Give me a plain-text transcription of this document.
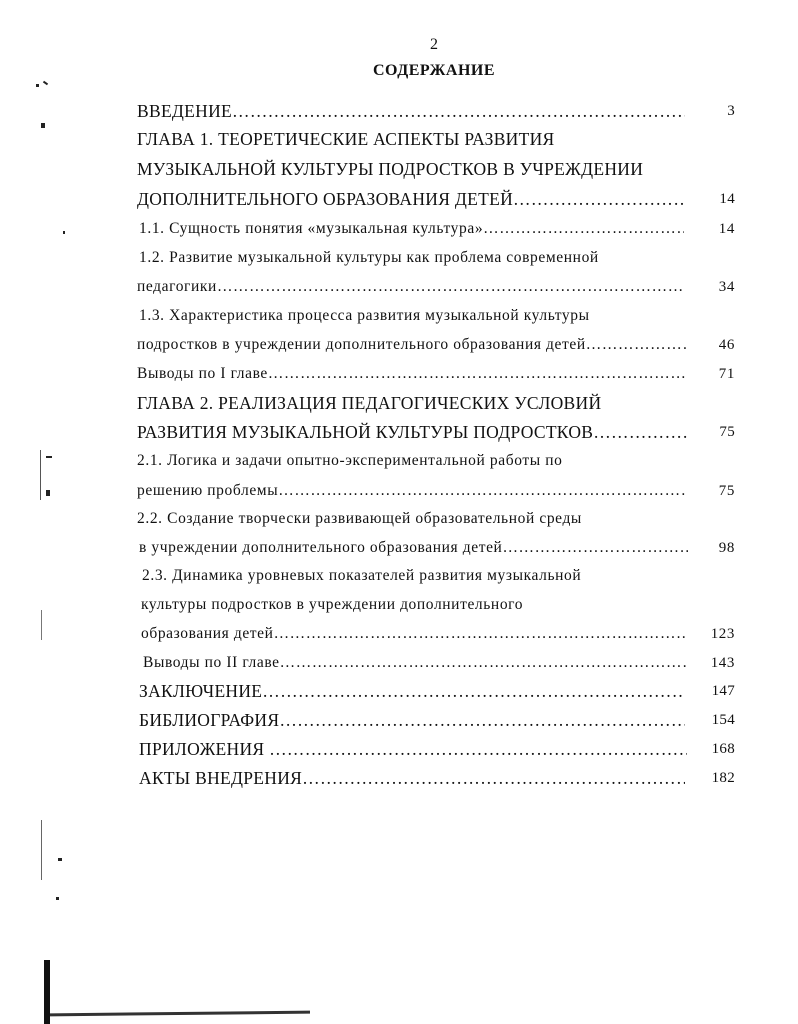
2
СОДЕРЖАНИЕ
ВВЕДЕНИЕ ……………………………………………………………………………………………………………………………………………………………	3
ГЛАВА 1. ТЕОРЕТИЧЕСКИЕ АСПЕКТЫ РАЗВИТИЯ
МУЗЫКАЛЬНОЙ КУЛЬТУРЫ ПОДРОСТКОВ В УЧРЕЖДЕНИИ
ДОПОЛНИТЕЛЬНОГО ОБРАЗОВАНИЯ ДЕТЕЙ ……………………………………………………………………………………………………………………………………………………………	14
1.1. Сущность понятия «музыкальная культура» ……………………………………………………………………………………………………………………………………………………………	14
1.2. Развитие музыкальной культуры как проблема современной
педагогики ……………………………………………………………………………………………………………………………………………………………	34
1.3. Характеристика процесса развития музыкальной культуры
подростков в учреждении дополнительного образования детей ……………………………………………………………………………………………………………………………………………………………	46
Выводы по I главе ……………………………………………………………………………………………………………………………………………………………	71
ГЛАВА 2. РЕАЛИЗАЦИЯ ПЕДАГОГИЧЕСКИХ УСЛОВИЙ
РАЗВИТИЯ МУЗЫКАЛЬНОЙ КУЛЬТУРЫ ПОДРОСТКОВ ……………………………………………………………………………………………………………………………………………………………	75
2.1. Логика и задачи опытно-экспериментальной работы по
решению проблемы ……………………………………………………………………………………………………………………………………………………………	75
2.2. Создание творчески развивающей образовательной среды
в учреждении дополнительного образования детей ……………………………………………………………………………………………………………………………………………………………	98
2.3. Динамика уровневых показателей развития музыкальной
культуры подростков в учреждении дополнительного
образования детей ……………………………………………………………………………………………………………………………………………………………	123
Выводы по II главе ……………………………………………………………………………………………………………………………………………………………	143
ЗАКЛЮЧЕНИЕ ……………………………………………………………………………………………………………………………………………………………	147
БИБЛИОГРАФИЯ ……………………………………………………………………………………………………………………………………………………………	154
ПРИЛОЖЕНИЯ ……………………………………………………………………………………………………………………………………………………………	168
АКТЫ ВНЕДРЕНИЯ ……………………………………………………………………………………………………………………………………………………………	182
